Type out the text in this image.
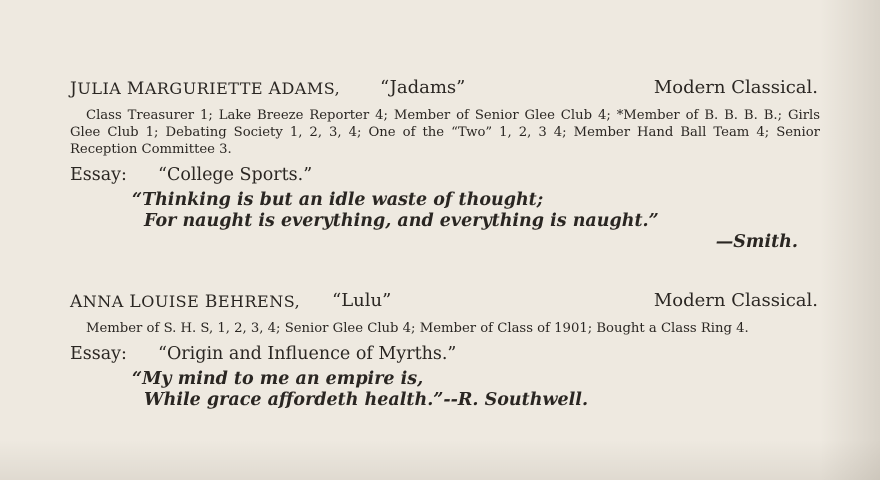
JULIA MARGURIETTE ADAMS, “Jadams”	Modern Classical.
Class Treasurer 1; Lake Breeze Reporter 4; Member of Senior Glee Club 4; *Member of B. B. B. B.; Girls Glee Club 1; Debating Society 1, 2, 3, 4; One of the “Two” 1, 2, 3 4; Member Hand Ball Team 4; Senior Reception Committee 3.
Essay: “College Sports.”
“Thinking is but an idle waste of thought;
For naught is everything, and everything is naught.”
—Smith.
ANNA LOUISE BEHRENS, “Lulu”	Modern Classical.
Member of S. H. S, 1, 2, 3, 4; Senior Glee Club 4; Member of Class of 1901; Bought a Class Ring 4.
Essay: “Origin and Influence of Myrths.”
“My mind to me an empire is,
While grace affordeth health.”--R. Southwell.
